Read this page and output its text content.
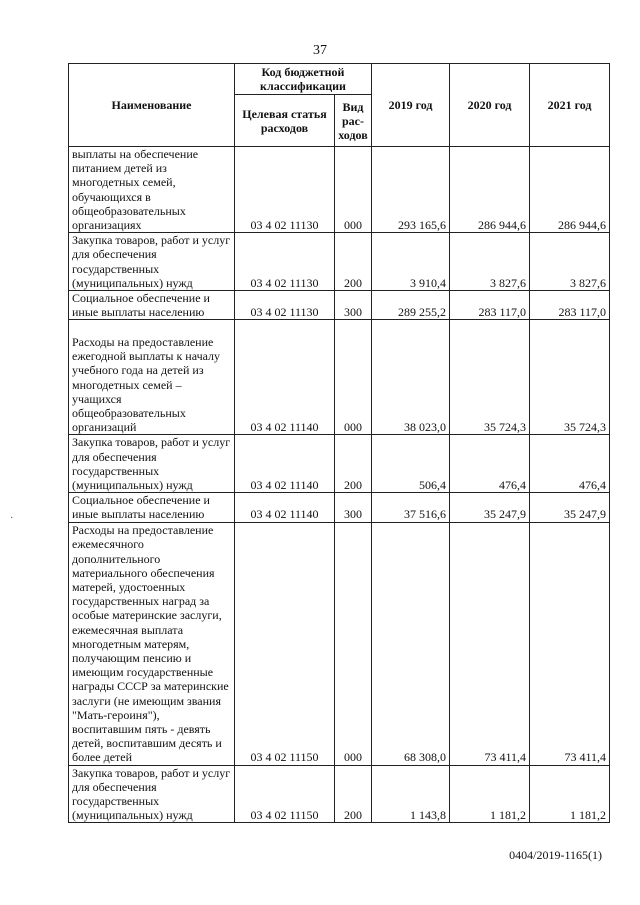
37
Наименование	Код бюджетной классификации		2019 год	2020 год	2021 год
	Целевая статья расходов	Вид рас- ходов			
выплаты на обеспечение питанием детей из многодетных семей, обучающихся в общеобразовательных организациях	03 4 02 11130	000	293 165,6	286 944,6	286 944,6
Закупка товаров, работ и услуг для обеспечения государственных (муниципальных) нужд	03 4 02 11130	200	3 910,4	3 827,6	3 827,6
Социальное обеспечение и иные выплаты населению	03 4 02 11130	300	289 255,2	283 117,0	283 117,0
Расходы на предоставление ежегодной выплаты к началу учебного года на детей из многодетных семей – учащихся общеобразовательных организаций	03 4 02 11140	000	38 023,0	35 724,3	35 724,3
Закупка товаров, работ и услуг для обеспечения государственных (муниципальных) нужд	03 4 02 11140	200	506,4	476,4	476,4
Социальное обеспечение и иные выплаты населению	03 4 02 11140	300	37 516,6	35 247,9	35 247,9
Расходы на предоставление ежемесячного дополнительного материального обеспечения матерей, удостоенных государственных наград за особые материнские заслуги, ежемесячная выплата многодетным матерям, получающим пенсию и имеющим государственные награды СССР за материнские заслуги (не имеющим звания "Мать-героиня"), воспитавшим пять - девять детей, воспитавшим десять и более детей	03 4 02 11150	000	68 308,0	73 411,4	73 411,4
Закупка товаров, работ и услуг для обеспечения государственных (муниципальных) нужд	03 4 02 11150	200	1 143,8	1 181,2	1 181,2
·
0404/2019-1165(1)
